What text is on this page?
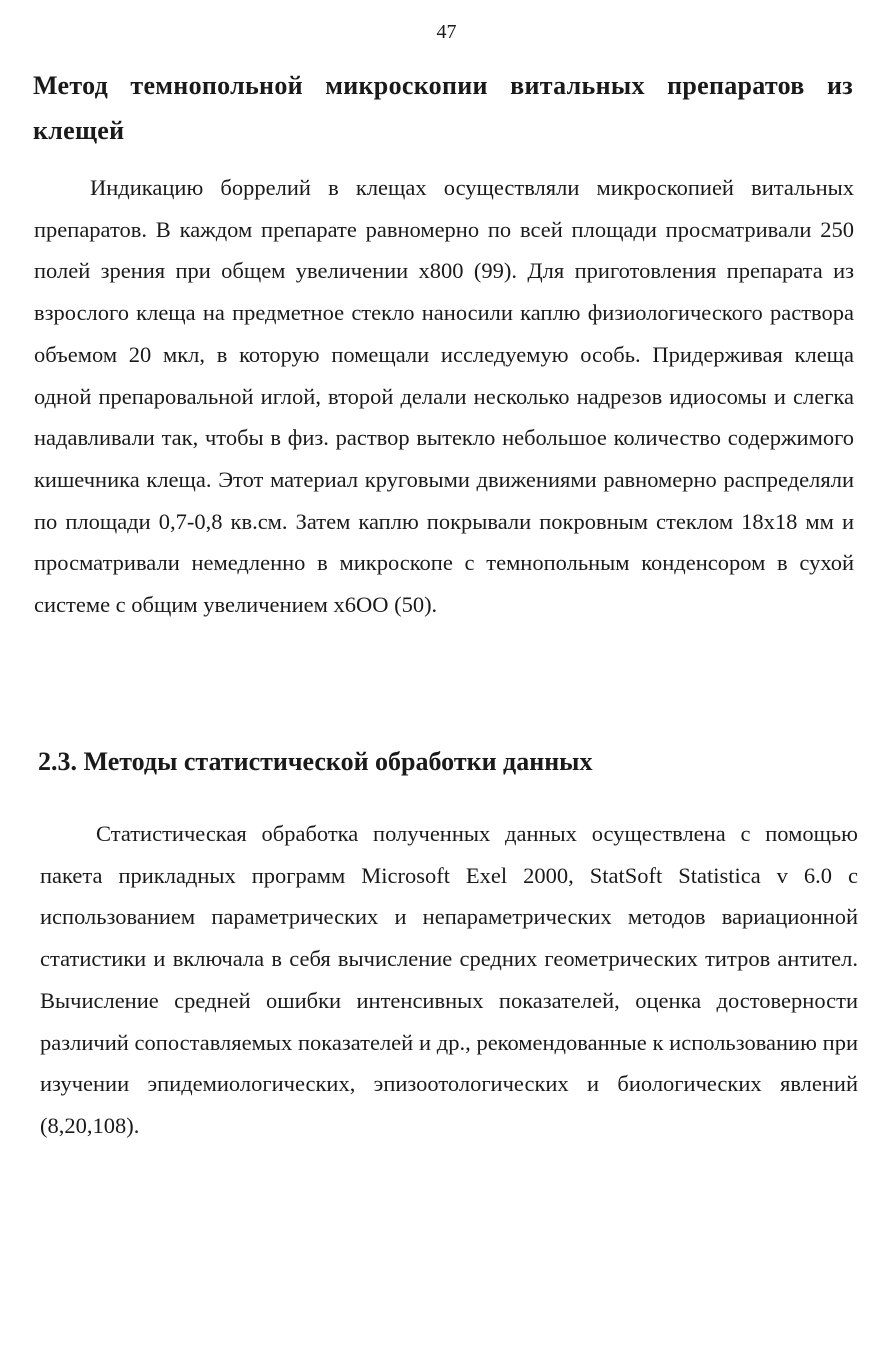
47
Метод темнопольной микроскопии витальных препаратов из клещей

Индикацию боррелий в клещах осуществляли микроскопией витальных препаратов. В каждом препарате равномерно по всей площади просматривали 250 полей зрения при общем увеличении х800 (99). Для приготовления препарата из взрослого клеща на предметное стекло наносили каплю физиологического раствора объемом 20 мкл, в которую помещали исследуемую особь. Придерживая клеща одной препаровальной иглой, второй делали несколько надрезов идиосомы и слегка надавливали так, чтобы в физ. раствор вытекло небольшое количество содержимого кишечника клеща. Этот материал круговыми движениями равномерно распределяли по площади 0,7-0,8 кв.см. Затем каплю покрывали покровным стеклом 18x18 мм и просматривали немедленно в микроскопе с темнопольным конденсором в сухой системе с общим увеличением х6ОО (50).

2.3. Методы статистической обработки данных

Статистическая обработка полученных данных осуществлена с помощью пакета прикладных программ Microsoft Exel 2000, StatSoft Statistica v 6.0 с использованием параметрических и непараметрических методов вариационной статистики и включала в себя вычисление средних геометрических титров антител. Вычисление средней ошибки интенсивных показателей, оценка достоверности различий сопоставляемых показателей и др., рекомендованные к использованию при изучении эпидемиологических, эпизоотологических и биологических явлений (8,20,108).
